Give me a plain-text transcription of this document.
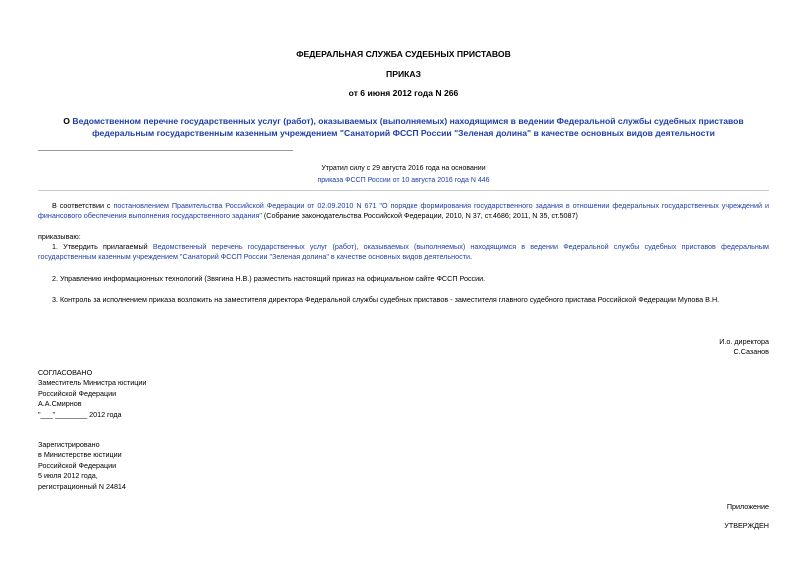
ФЕДЕРАЛЬНАЯ СЛУЖБА СУДЕБНЫХ ПРИСТАВОВ
ПРИКАЗ
от 6 июня 2012 года N 266
О Ведомственном перечне государственных услуг (работ), оказываемых (выполняемых) находящимся в ведении Федеральной службы судебных приставов федеральным государственным казенным учреждением "Санаторий ФССП России "Зеленая долина" в качестве основных видов деятельности
Утратил силу с 29 августа 2016 года на основании
приказа ФССП России от 10 августа 2016 года N 446
В соответствии с постановлением Правительства Российской Федерации от 02.09.2010 N 671 "О порядке формирования государственного задания в отношении федеральных государственных учреждений и финансового обеспечения выполнения государственного задания" (Собрание законодательства Российской Федерации, 2010, N 37, ст.4686; 2011, N 35, ст.5087)
приказываю:
1. Утвердить прилагаемый Ведомственный перечень государственных услуг (работ), оказываемых (выполняемых) находящимся в ведении Федеральной службы судебных приставов федеральным государственным казенным учреждением "Санаторий ФССП России "Зеленая долина" в качестве основных видов деятельности.
2. Управлению информационных технологий (Звягина Н.В.) разместить настоящий приказ на официальном сайте ФССП России.
3. Контроль за исполнением приказа возложить на заместителя директора Федеральной службы судебных приставов - заместителя главного судебного пристава Российской Федерации Мупова В.Н.
И.о. директора
С.Сазанов
СОГЛАСОВАНО
Заместитель Министра юстиции
Российской Федерации
А.А.Смирнов
"___"________ 2012 года
Зарегистрировано
в Министерстве юстиции
Российской Федерации
5 июля 2012 года,
регистрационный N 24814
Приложение
УТВЕРЖДЕН
